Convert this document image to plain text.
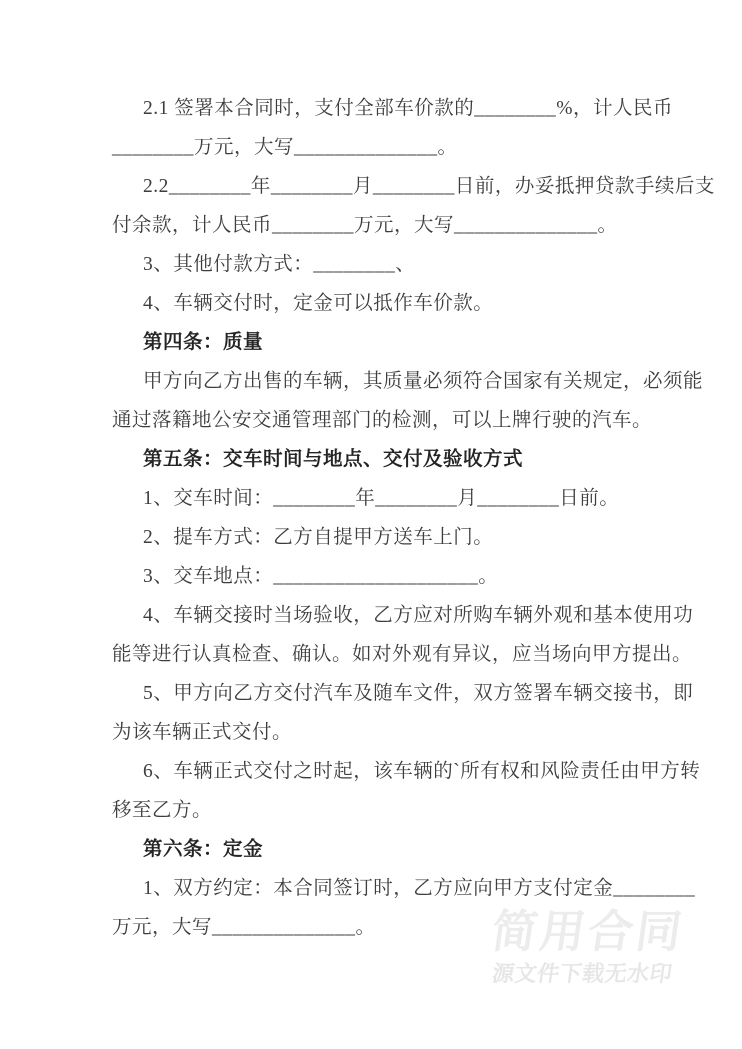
2.1 签署本合同时，支付全部车价款的________%，计人民币
________万元，大写______________。
2.2________年________月________日前，办妥抵押贷款手续后支
付余款，计人民币________万元，大写______________。
3、其他付款方式：________、
4、车辆交付时，定金可以抵作车价款。
第四条：质量
甲方向乙方出售的车辆，其质量必须符合国家有关规定，必须能
通过落籍地公安交通管理部门的检测，可以上牌行驶的汽车。
第五条：交车时间与地点、交付及验收方式
1、交车时间：________年________月________日前。
2、提车方式：乙方自提甲方送车上门。
3、交车地点：____________________。
4、车辆交接时当场验收，乙方应对所购车辆外观和基本使用功
能等进行认真检查、确认。如对外观有异议，应当场向甲方提出。
5、甲方向乙方交付汽车及随车文件，双方签署车辆交接书，即
为该车辆正式交付。
6、车辆正式交付之时起，该车辆的`所有权和风险责任由甲方转
移至乙方。
第六条：定金
1、双方约定：本合同签订时，乙方应向甲方支付定金________
万元，大写______________。	简用合同
源文件下载无水印
